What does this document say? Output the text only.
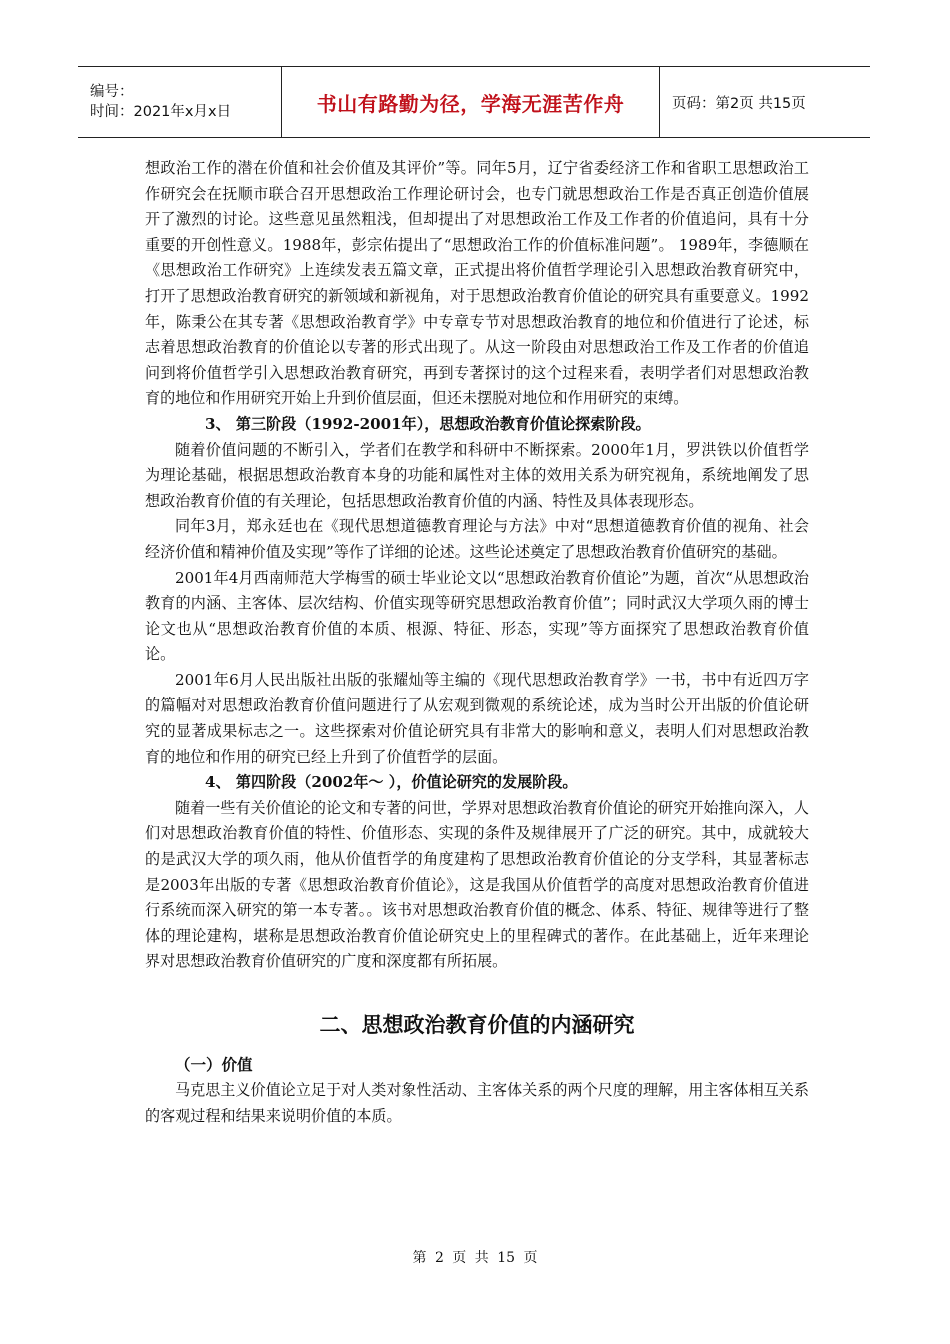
编号：
时间：2021年x月x日	书山有路勤为径，学海无涯苦作舟	页码：第2页 共15页

想政治工作的潜在价值和社会价值及其评价”等。同年5月，辽宁省委经济工作和省职工思想政治工作研究会在抚顺市联合召开思想政治工作理论研讨会，也专门就思想政治工作是否真正创造价值展开了激烈的讨论。这些意见虽然粗浅，但却提出了对思想政治工作及工作者的价值追问，具有十分重要的开创性意义。1988年，彭宗佑提出了“思想政治工作的价值标准问题”。 1989年，李德顺在《思想政治工作研究》上连续发表五篇文章，正式提出将价值哲学理论引入思想政治教育研究中，打开了思想政治教育研究的新领域和新视角，对于思想政治教育价值论的研究具有重要意义。1992年，陈秉公在其专著《思想政治教育学》中专章专节对思想政治教育的地位和价值进行了论述，标志着思想政治教育的价值论以专著的形式出现了。从这一阶段由对思想政治工作及工作者的价值追问到将价值哲学引入思想政治教育研究，再到专著探讨的这个过程来看，表明学者们对思想政治教育的地位和作用研究开始上升到价值层面，但还未摆脱对地位和作用研究的束缚。

3、 第三阶段（1992-2001年），思想政治教育价值论探索阶段。

随着价值问题的不断引入，学者们在教学和科研中不断探索。2000年1月，罗洪铁以价值哲学为理论基础，根据思想政治教育本身的功能和属性对主体的效用关系为研究视角，系统地阐发了思想政治教育价值的有关理论，包括思想政治教育价值的内涵、特性及具体表现形态。

同年3月，郑永廷也在《现代思想道德教育理论与方法》中对“思想道德教育价值的视角、社会经济价值和精神价值及实现”等作了详细的论述。这些论述奠定了思想政治教育价值研究的基础。

2001年4月西南师范大学梅雪的硕士毕业论文以“思想政治教育价值论”为题，首次“从思想政治教育的内涵、主客体、层次结构、价值实现等研究思想政治教育价值”；同时武汉大学项久雨的博士论文也从“思想政治教育价值的本质、根源、特征、形态，实现”等方面探究了思想政治教育价值论。

2001年6月人民出版社出版的张耀灿等主编的《现代思想政治教育学》一书，书中有近四万字的篇幅对对思想政治教育价值问题进行了从宏观到微观的系统论述，成为当时公开出版的价值论研究的显著成果标志之一。这些探索对价值论研究具有非常大的影响和意义，表明人们对思想政治教育的地位和作用的研究已经上升到了价值哲学的层面。

4、 第四阶段（2002年～ ），价值论研究的发展阶段。

随着一些有关价值论的论文和专著的问世，学界对思想政治教育价值论的研究开始推向深入，人们对思想政治教育价值的特性、价值形态、实现的条件及规律展开了广泛的研究。其中，成就较大的是武汉大学的项久雨，他从价值哲学的角度建构了思想政治教育价值论的分支学科，其显著标志是2003年出版的专著《思想政治教育价值论》，这是我国从价值哲学的高度对思想政治教育价值进行系统而深入研究的第一本专著。。该书对思想政治教育价值的概念、体系、特征、规律等进行了整体的理论建构，堪称是思想政治教育价值论研究史上的里程碑式的著作。在此基础上，近年来理论界对思想政治教育价值研究的广度和深度都有所拓展。

二、思想政治教育价值的内涵研究
（一）价值

马克思主义价值论立足于对人类对象性活动、主客体关系的两个尺度的理解，用主客体相互关系的客观过程和结果来说明价值的本质。

第 2 页 共 15 页
